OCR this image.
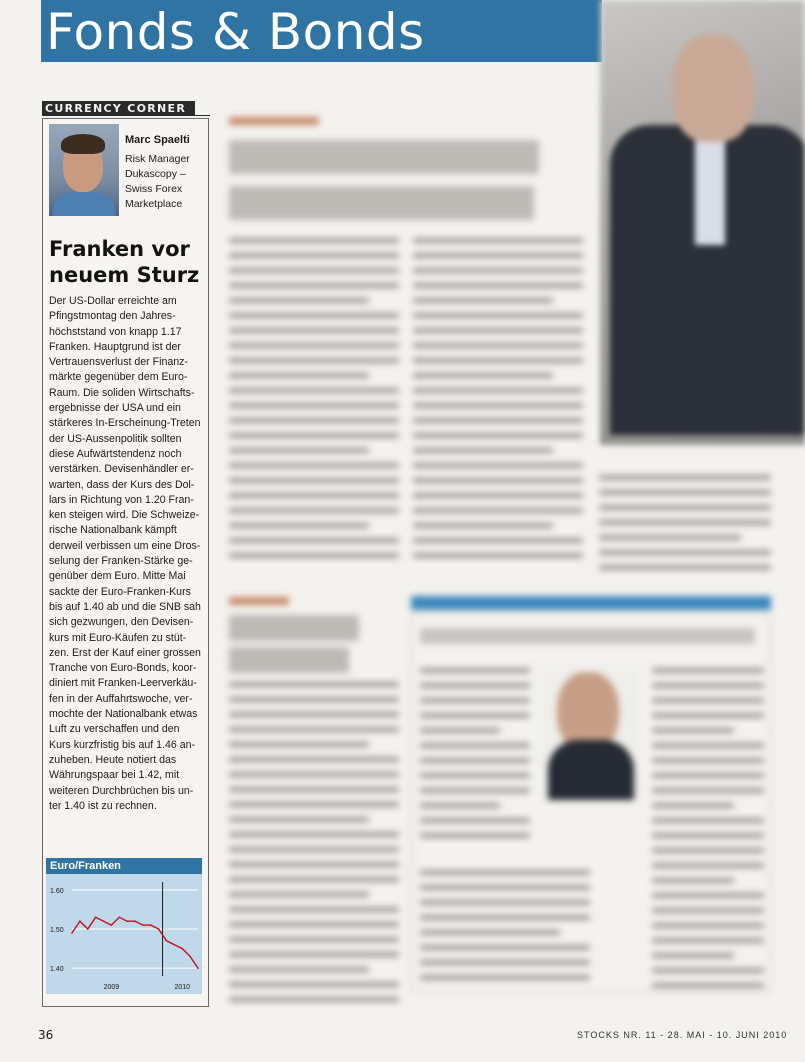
Fonds & Bonds
CURRENCY CORNER
Marc Spaelti
Risk Manager
Dukascopy –
Swiss Forex
Marketplace
Franken vor
neuem Sturz
Der US-Dollar erreichte am
Pfingstmontag den Jahres-
höchststand von knapp 1.17
Franken. Hauptgrund ist der
Vertrauensverlust der Finanz-
märkte gegenüber dem Euro-
Raum. Die soliden Wirtschafts-
ergebnisse der USA und ein
stärkeres In-Erscheinung-Treten
der US-Aussenpolitik sollten
diese Aufwärtstendenz noch
verstärken. Devisenhändler er-
warten, dass der Kurs des Dol-
lars in Richtung von 1.20 Fran-
ken steigen wird. Die Schweize-
rische Nationalbank kämpft
derweil verbissen um eine Dros-
selung der Franken-Stärke ge-
genüber dem Euro. Mitte Mai
sackte der Euro-Franken-Kurs
bis auf 1.40 ab und die SNB sah
sich gezwungen, den Devisen-
kurs mit Euro-Käufen zu stüt-
zen. Erst der Kauf einer grossen
Tranche von Euro-Bonds, koor-
diniert mit Franken-Leerverkäu-
fen in der Auffahrtswoche, ver-
mochte der Nationalbank etwas
Luft zu verschaffen und den
Kurs kurzfristig bis auf 1.46 an-
zuheben. Heute notiert das
Währungspaar bei 1.42, mit
weiteren Durchbrüchen bis un-
ter 1.40 ist zu rechnen.
Euro/Franken
1.40
1.50
1.60
2009	2010
36	STOCKS NR. 11 - 28. MAI - 10. JUNI 2010
